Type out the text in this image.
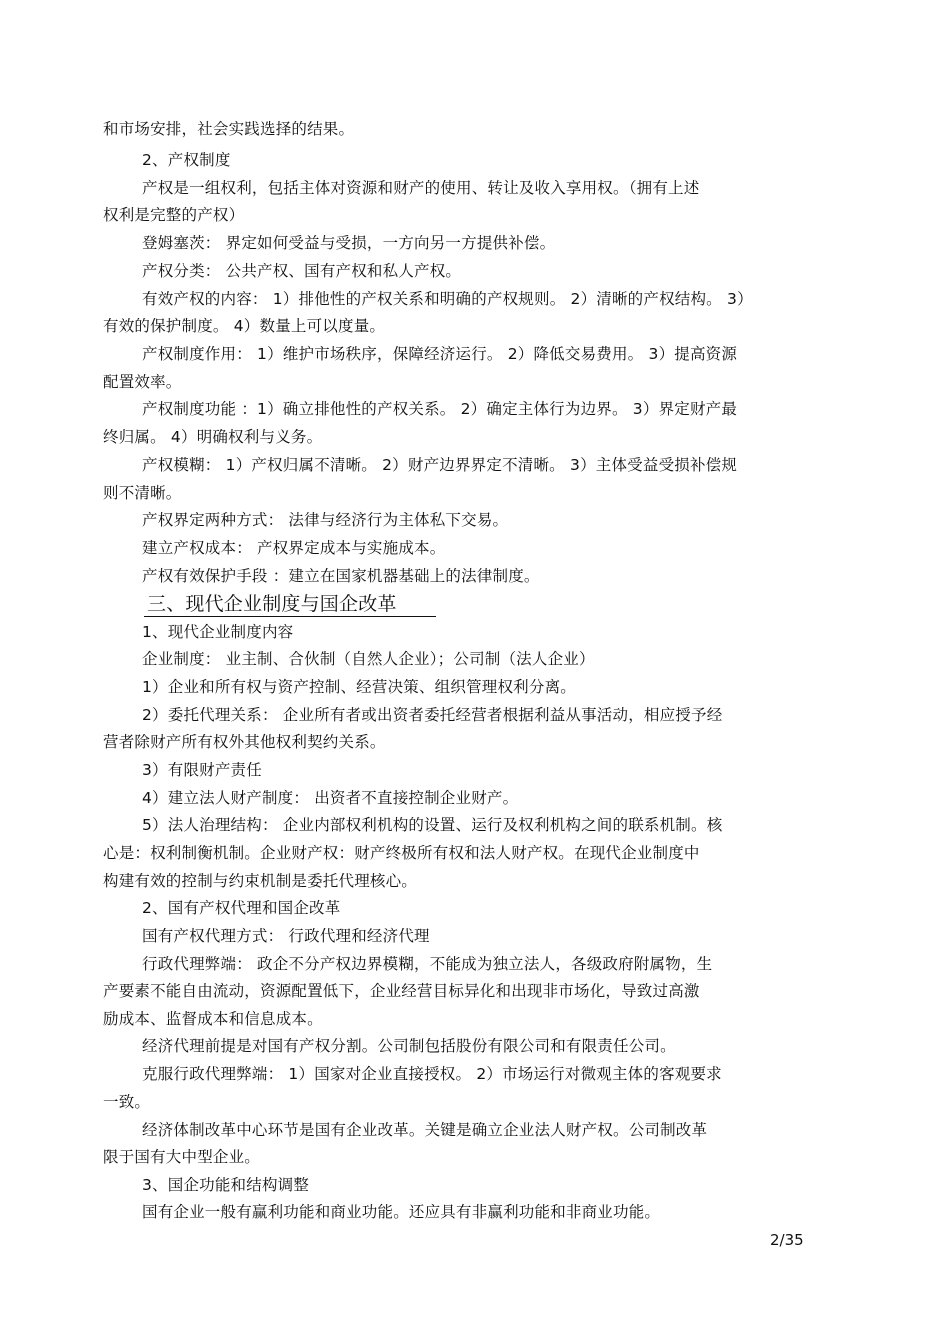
和市场安排，社会实践选择的结果。
2、产权制度
产权是一组权利，包括主体对资源和财产的使用、转让及收入享用权。（拥有上述
权利是完整的产权）
登姆塞茨： 界定如何受益与受损，一方向另一方提供补偿。
产权分类： 公共产权、国有产权和私人产权。
有效产权的内容： 1）排他性的产权关系和明确的产权规则。 2）清晰的产权结构。 3）
有效的保护制度。 4）数量上可以度量。
产权制度作用： 1）维护市场秩序，保障经济运行。 2）降低交易费用。 3）提高资源
配置效率。
产权制度功能 ：1）确立排他性的产权关系。 2）确定主体行为边界。 3）界定财产最
终归属。 4）明确权利与义务。
产权模糊： 1）产权归属不清晰。 2）财产边界界定不清晰。 3）主体受益受损补偿规
则不清晰。
产权界定两种方式： 法律与经济行为主体私下交易。
建立产权成本： 产权界定成本与实施成本。
产权有效保护手段 ：建立在国家机器基础上的法律制度。
三、现代企业制度与国企改革
1、现代企业制度内容
企业制度： 业主制、合伙制（自然人企业）；公司制（法人企业）
1）企业和所有权与资产控制、经营决策、组织管理权利分离。
2）委托代理关系： 企业所有者或出资者委托经营者根据利益从事活动，相应授予经
营者除财产所有权外其他权利契约关系。
3）有限财产责任
4）建立法人财产制度： 出资者不直接控制企业财产。
5）法人治理结构： 企业内部权利机构的设置、运行及权利机构之间的联系机制。核
心是：权利制衡机制。企业财产权：财产终极所有权和法人财产权。在现代企业制度中
构建有效的控制与约束机制是委托代理核心。
2、国有产权代理和国企改革
国有产权代理方式： 行政代理和经济代理
行政代理弊端： 政企不分产权边界模糊，不能成为独立法人，各级政府附属物，生
产要素不能自由流动，资源配置低下，企业经营目标异化和出现非市场化，导致过高激
励成本、监督成本和信息成本。
经济代理前提是对国有产权分割。公司制包括股份有限公司和有限责任公司。
克服行政代理弊端： 1）国家对企业直接授权。 2）市场运行对微观主体的客观要求
一致。
经济体制改革中心环节是国有企业改革。关键是确立企业法人财产权。公司制改革
限于国有大中型企业。
3、国企功能和结构调整
国有企业一般有赢利功能和商业功能。还应具有非赢利功能和非商业功能。
2/35
